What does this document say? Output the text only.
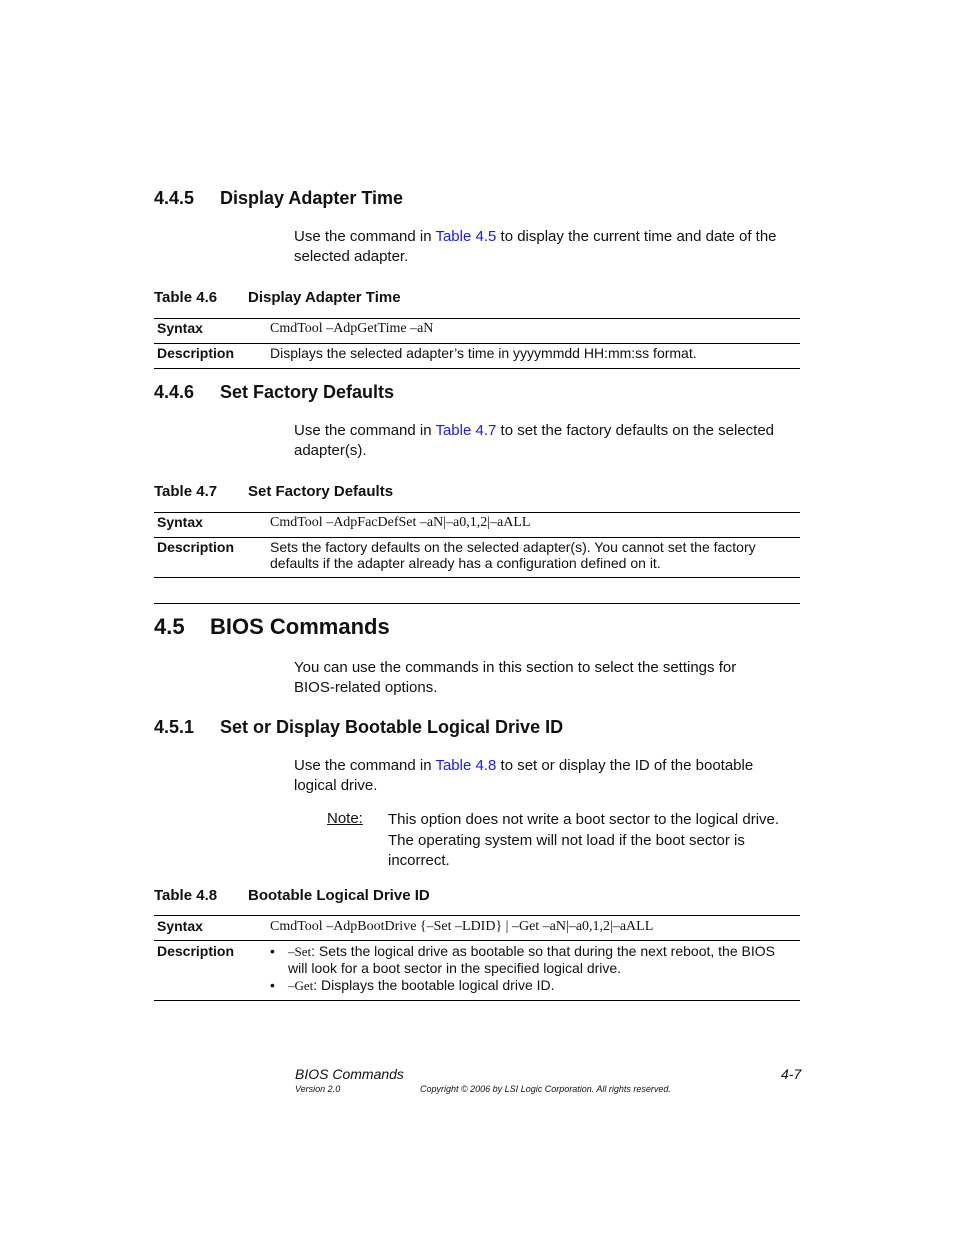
4.4.5 Display Adapter Time
Use the command in Table 4.5 to display the current time and date of the
selected adapter.
Table 4.6 Display Adapter Time
Syntax	CmdTool –AdpGetTime –aN
Description	Displays the selected adapter’s time in yyyymmdd HH:mm:ss format.
4.4.6 Set Factory Defaults
Use the command in Table 4.7 to set the factory defaults on the selected
adapter(s).
Table 4.7 Set Factory Defaults
Syntax	CmdTool –AdpFacDefSet –aN|–a0,1,2|–aALL
Description	Sets the factory defaults on the selected adapter(s). You cannot set the factory
defaults if the adapter already has a configuration defined on it.
4.5 BIOS Commands
You can use the commands in this section to select the settings for
BIOS-related options.
4.5.1 Set or Display Bootable Logical Drive ID
Use the command in Table 4.8 to set or display the ID of the bootable
logical drive.
Note: This option does not write a boot sector to the logical drive.
The operating system will not load if the boot sector is
incorrect.
Table 4.8 Bootable Logical Drive ID
Syntax	CmdTool –AdpBootDrive {–Set –LDID} | –Get –aN|–a0,1,2|–aALL
Description	• –Set: Sets the logical drive as bootable so that during the next reboot, the BIOS
will look for a boot sector in the specified logical drive.
• –Get: Displays the bootable logical drive ID.
BIOS Commands	4-7
Version 2.0	Copyright © 2006 by LSI Logic Corporation. All rights reserved.
